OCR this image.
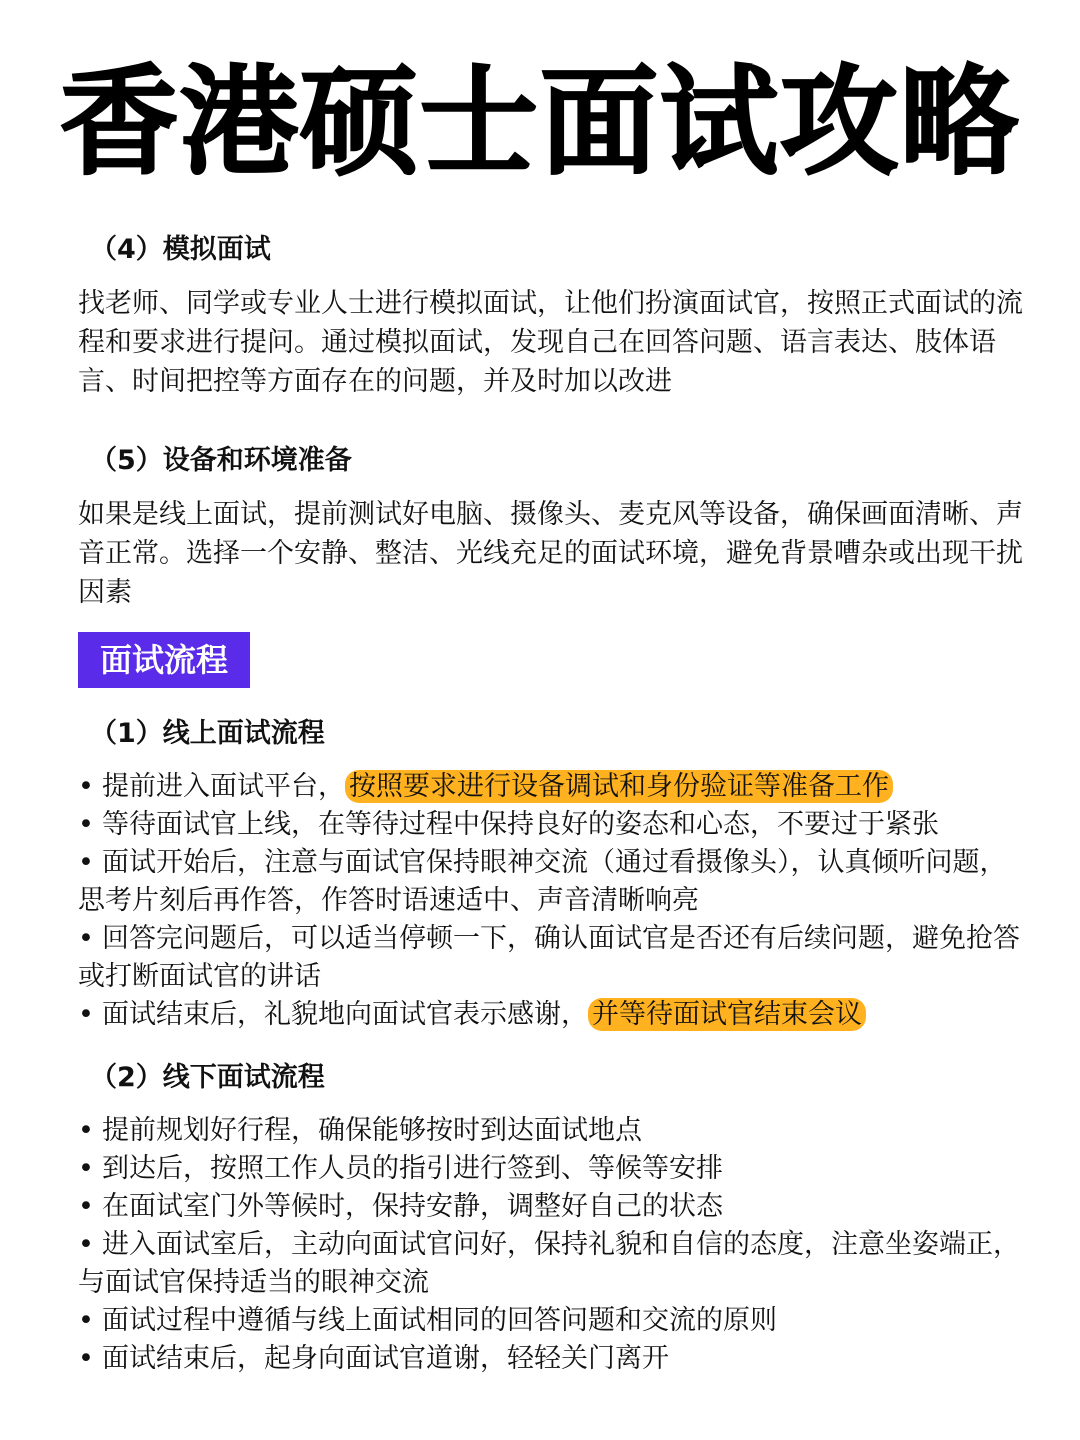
香港硕士面试攻略
（4）模拟面试

找老师、同学或专业人士进行模拟面试，让他们扮演面试官，按照正式面试的流程和要求进行提问。通过模拟面试，发现自己在回答问题、语言表达、肢体语言、时间把控等方面存在的问题，并及时加以改进

（5）设备和环境准备

如果是线上面试，提前测试好电脑、摄像头、麦克风等设备，确保画面清晰、声音正常。选择一个安静、整洁、光线充足的面试环境，避免背景嘈杂或出现干扰因素

面试流程
（1）线上面试流程
• 提前进入面试平台， 按照要求进行设备调试和身份验证等准备工作
• 等待面试官上线，在等待过程中保持良好的姿态和心态，不要过于紧张
• 面试开始后，注意与面试官保持眼神交流（通过看摄像头），认真倾听问题，思考片刻后再作答，作答时语速适中、声音清晰响亮
• 回答完问题后，可以适当停顿一下，确认面试官是否还有后续问题，避免抢答或打断面试官的讲话
• 面试结束后，礼貌地向面试官表示感谢， 并等待面试官结束会议
（2）线下面试流程
• 提前规划好行程，确保能够按时到达面试地点
• 到达后，按照工作人员的指引进行签到、等候等安排
• 在面试室门外等候时，保持安静，调整好自己的状态
• 进入面试室后，主动向面试官问好，保持礼貌和自信的态度，注意坐姿端正，与面试官保持适当的眼神交流
• 面试过程中遵循与线上面试相同的回答问题和交流的原则
• 面试结束后，起身向面试官道谢，轻轻关门离开
